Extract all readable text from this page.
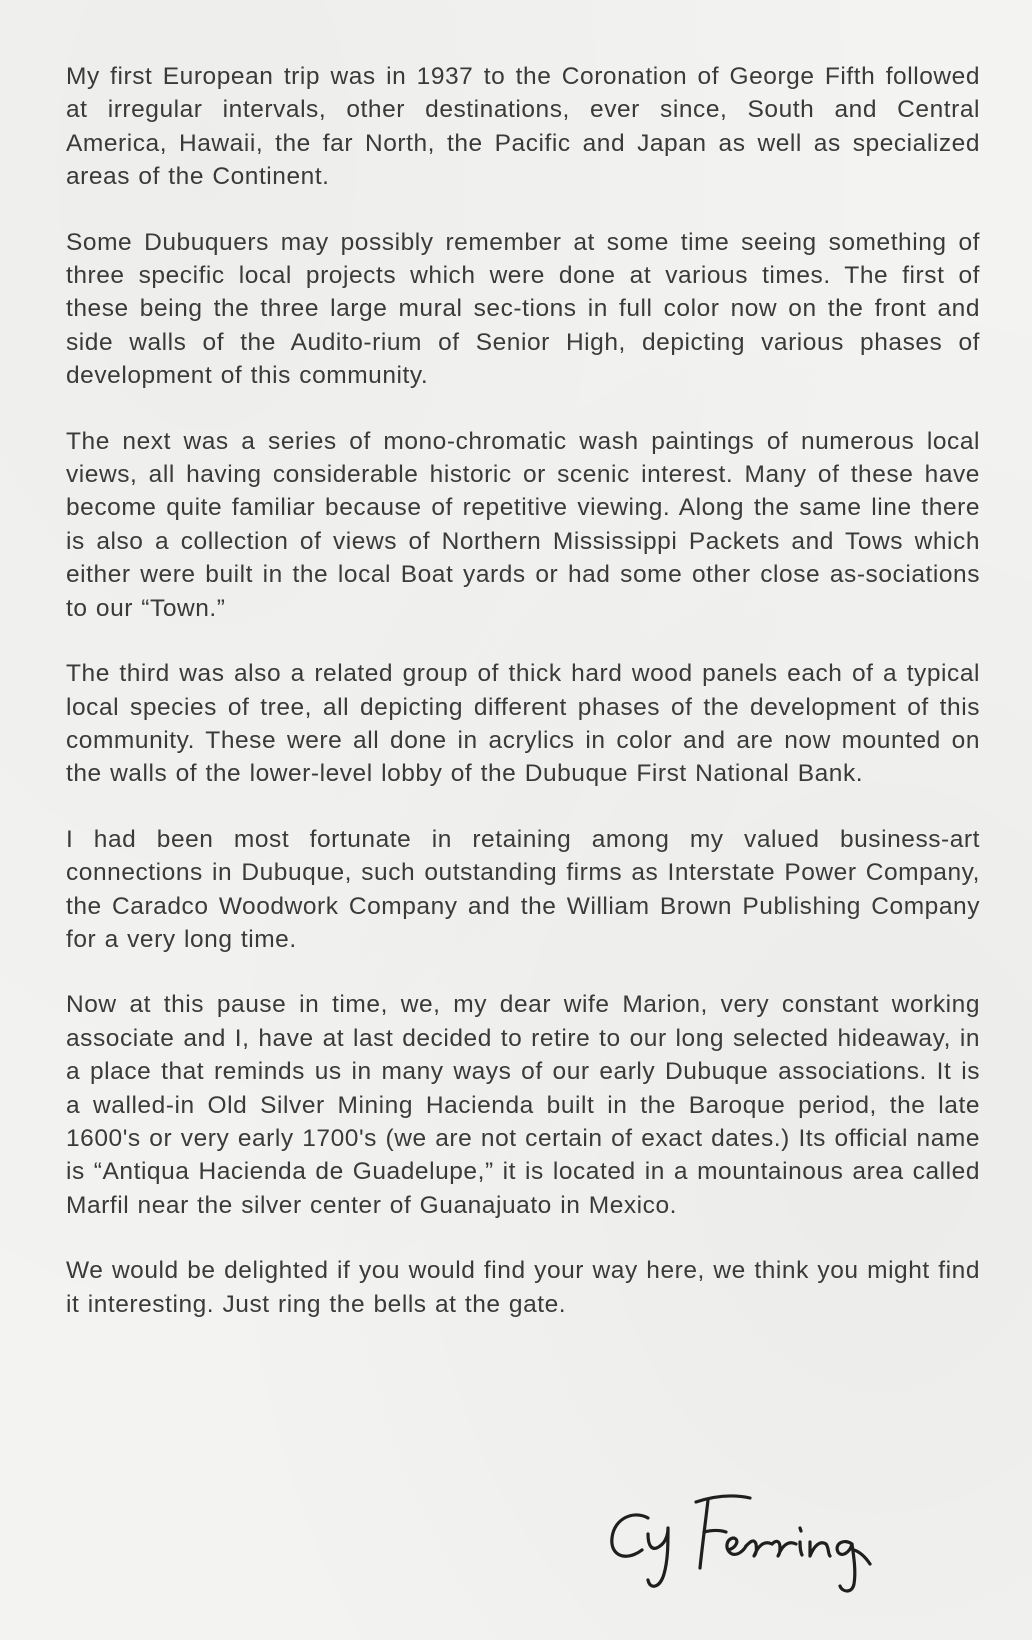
My first European trip was in 1937 to the Coronation of George Fifth followed at irregular intervals, other destinations, ever since, South and Central America, Hawaii, the far North, the Pacific and Japan as well as specialized areas of the Continent.

Some Dubuquers may possibly remember at some time seeing something of three specific local projects which were done at various times. The first of these being the three large mural sec-tions in full color now on the front and side walls of the Audito-rium of Senior High, depicting various phases of development of this community.

The next was a series of mono-chromatic wash paintings of numerous local views, all having considerable historic or scenic interest. Many of these have become quite familiar because of repetitive viewing. Along the same line there is also a collection of views of Northern Mississippi Packets and Tows which either were built in the local Boat yards or had some other close as-sociations to our “Town.”

The third was also a related group of thick hard wood panels each of a typical local species of tree, all depicting different phases of the development of this community. These were all done in acrylics in color and are now mounted on the walls of the lower-level lobby of the Dubuque First National Bank.

I had been most fortunate in retaining among my valued business-art connections in Dubuque, such outstanding firms as Interstate Power Company, the Caradco Woodwork Company and the William Brown Publishing Company for a very long time.

Now at this pause in time, we, my dear wife Marion, very constant working associate and I, have at last decided to retire to our long selected hideaway, in a place that reminds us in many ways of our early Dubuque associations. It is a walled-in Old Silver Mining Hacienda built in the Baroque period, the late 1600's or very early 1700's (we are not certain of exact dates.) Its official name is “Antiqua Hacienda de Guadelupe,” it is located in a mountainous area called Marfil near the silver center of Guanajuato in Mexico.

We would be delighted if you would find your way here, we think you might find it interesting. Just ring the bells at the gate.
